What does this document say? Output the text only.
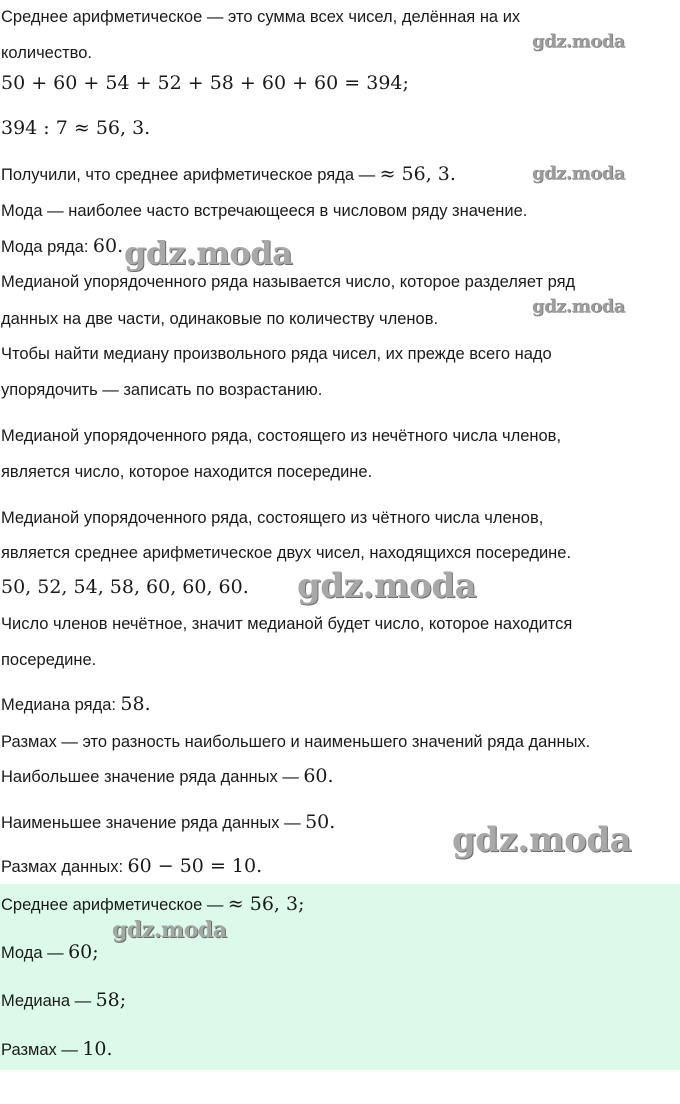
Среднее арифметическое — это сумма всех чисел, делённая на их
количество.
50 + 60 + 54 + 52 + 58 + 60 + 60 = 394;
394 : 7 ≈ 56, 3.
Получили, что среднее арифметическое ряда — ≈ 56, 3.
Мода — наиболее часто встречающееся в числовом ряду значение.
Мода ряда: 60.
Медианой упорядоченного ряда называется число, которое разделяет ряд
данных на две части, одинаковые по количеству членов.
Чтобы найти медиану произвольного ряда чисел, их прежде всего надо
упорядочить — записать по возрастанию.
Медианой упорядоченного ряда, состоящего из нечётного числа членов,
является число, которое находится посередине.
Медианой упорядоченного ряда, состоящего из чётного числа членов,
является среднее арифметическое двух чисел, находящихся посередине.
50, 52, 54, 58, 60, 60, 60.
Число членов нечётное, значит медианой будет число, которое находится
посередине.
Медиана ряда: 58.
Размах — это разность наибольшего и наименьшего значений ряда данных.
Наибольшее значение ряда данных — 60.
Наименьшее значение ряда данных — 50.
Размах данных: 60 − 50 = 10.
Среднее арифметическое — ≈ 56, 3;
Мода — 60;
Медиана — 58;
Размах — 10.
gdz.moda
gdz.moda
gdz.moda
gdz.moda
gdz.moda
gdz.moda
gdz.moda
